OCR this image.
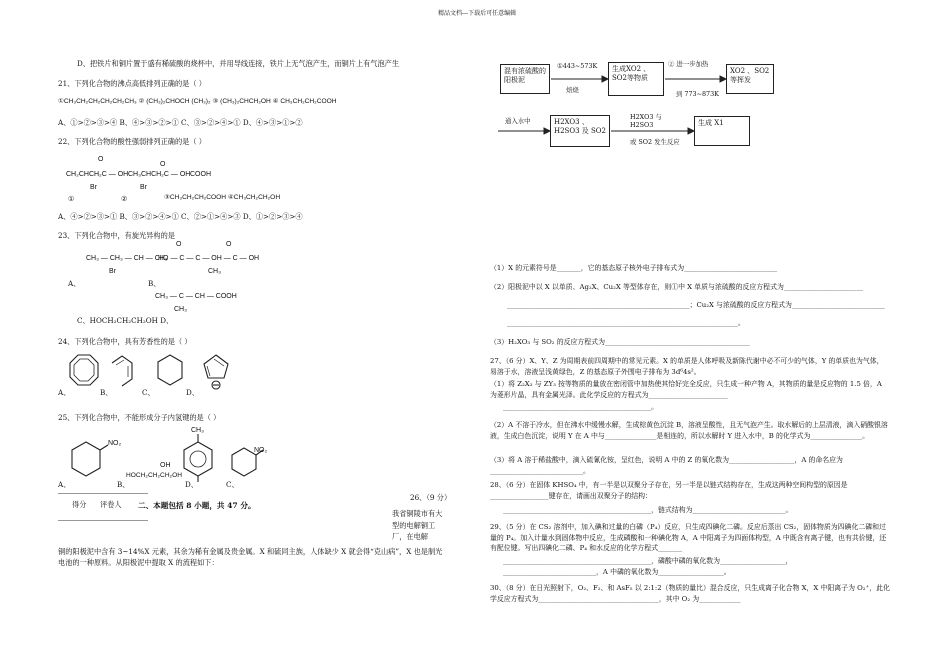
精品文档---下载后可任意编辑
D、把铁片和铜片置于盛有稀硫酸的烧杯中，并用导线连接，铁片上无气泡产生，而铜片上有气泡产生
21、下列化合物的沸点高低排列正确的是（ ）
①CH₃CH₂CH₂CH₂CH₂CH₃ ② (CH₃)₂CHOCH (CH₃)₂ ③ (CH₃)₂CHCH₂OH ④ CH₃CH₂CH₂COOH
A、①>②>③>④ B、④>③>②>① C、③>②>④>① D、④>③>①>②
22、下列化合物的酸性强弱排列正确的是（ ）
O
CH₂CHCH₂C — OH
Br
O
CH₃CHCH₂C — OH
Br
COOH
①	②	③CH₃CH₂CH₂COOH ④CH₃CH₂CH₂OH
A、④>②>③>① B、③>②>④>① C、②>①>④>③ D、①>②>③>④
23、下列化合物中，有旋光异构的是
O	O
CH₃ — CH₃ — CH — CH₃
HO — C — C — OH — C — OH
Br	CH₃
A、	B、
CH₃ — C — CH — COOH
CH₃
C、HOCH₂CH₂CH₂OH D、
24、下列化合物中，具有芳香性的是（ ）
A、	B、	C、	D、
25、下列化合物中，不能形成分子内氢键的是（ ）
NO₂
CH₃
NO₂
HOCH₂CH₂CH₂OH
OH
A、	B、	D、	C、
得分 评卷人 二、本题包括 8 小题，共 47 分。
26、（9 分）
我省铜陵市有大型的电解铜工厂，在电解
铜的阳极泥中含有 3~14%X 元素，其余为稀有金属及贵金属。X 和硫同主族，人体缺少 X 就会得“克山病”，X 也是制光电池的一种原料。从阳极泥中提取 X 的流程如下：
混有浓硫酸的阳极泥
生成XO2 、SO2等物质
XO2 、SO2 等挥发
H2XO3 、H2SO3 及 SO2
生成 X1
①443~573K
焙烧
② 进一步加热
到 773~873K
通入水中	H2XO3 与 H2SO3
或 SO2 发生反应
（1）X 的元素符号是_______，它的基态原子核外电子排布式为___________________________
（2）阳极泥中以 X 以单质、Ag₂X、Cu₂X 等型体存在，则①中 X 单质与浓硫酸的反应方程式为_______________________
_____________________________________________________；Cu₂X 与浓硫酸的反应方程式为___________________________
___________________________________________________________________。
（3）H₂XO₃ 与 SO₂ 的反应方程式为__________________________________________
27、（6 分）X、Y、Z 为周期表前四周期中的常见元素。X 的单质是人体呼吸及新陈代谢中必不可少的气体，Y 的单质也为气体，易溶于水，溶液呈浅黄绿色，Z 的基态原子外围电子排布为 3d⁶4s²。
（1）将 Z₂X₃ 与 ZY₃ 按等物质的量放在密闭管中加热使其恰好完全反应，只生成一种产物 A，其物质的量是反应物的 1.5 倍，A 为菱形片晶，具有金属光泽。此化学反应的方程式为_______________________
___________________________________________。
（2）A 不溶于冷水，但在沸水中缓慢水解，生成棕黄色沉淀 B，溶液呈酸性，且无气泡产生。取水解后的上层清液，滴入硝酸银溶液，生成白色沉淀，说明 Y 在 A 中与_______________是相连的，所以水解时 Y 进入水中，B 的化学式为_______________。
（3）将 A 溶于稀盐酸中，滴入硫氰化铵，呈红色，说明 A 中的 Z 的氧化数为___________________，A 的命名应为___________________________。
28、（6 分）在固体 KHSO₄ 中，有一半是以双聚分子存在，另一半是以链式结构存在，生成这两种空间构型的原因是_________________键存在，请画出双聚分子的结构：
___________________________________________，链式结构为___________________________。
29、（5 分）在 CS₂ 溶剂中，加入碘和过量的白磷（P₄）反应，只生成四碘化二磷。反应后蒸出 CS₂，固体物质为四碘化二磷和过量的 P₄。加入计量水到固体物中反应，生成磷酸和一种碘化物 A，A 中阳离子为四面体构型，A 中既含有离子键，也有共价键，还有配位键。写出四碘化二磷、P₄ 和水反应的化学方程式_______
___________________________________________，磷酸中磷的氧化数为___________________，
___________________________，A 中磷的氧化数为___________________。
30、（8 分）在日光照射下，O₂、F₂、和 AsF₅ 以 2:1:2（物质的量比）混合反应，只生成离子化合物 X，X 中阳离子为 O₂⁺，此化学反应方程式为___________________________________，其中 O₂ 为____________
